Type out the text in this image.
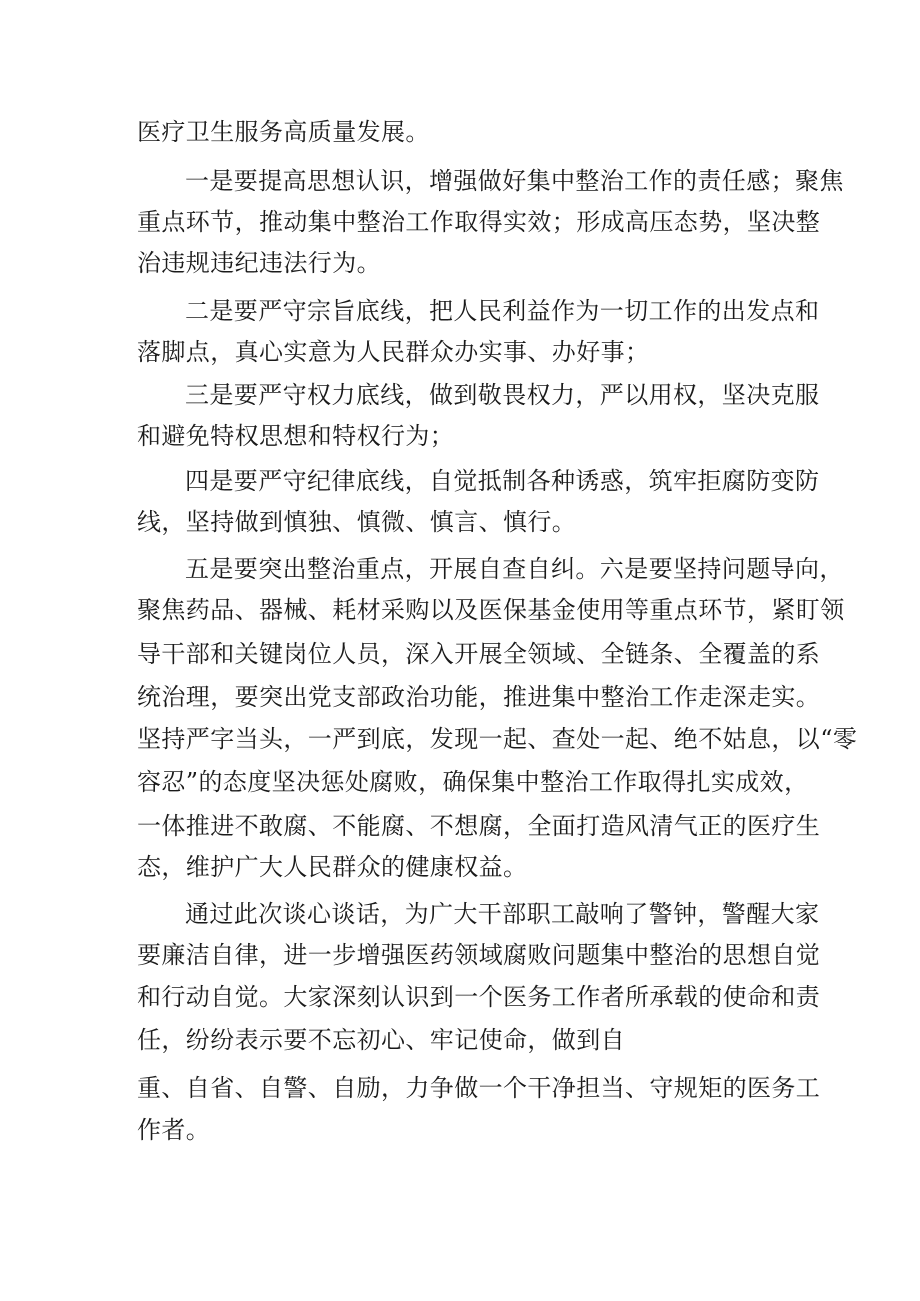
医疗卫生服务高质量发展。
一是要提高思想认识，增强做好集中整治工作的责任感；聚焦
重点环节，推动集中整治工作取得实效；形成高压态势，坚决整
治违规违纪违法行为。
二是要严守宗旨底线，把人民利益作为一切工作的出发点和
落脚点，真心实意为人民群众办实事、办好事；
三是要严守权力底线，做到敬畏权力，严以用权，坚决克服
和避免特权思想和特权行为；
四是要严守纪律底线，自觉抵制各种诱惑，筑牢拒腐防变防
线，坚持做到慎独、慎微、慎言、慎行。
五是要突出整治重点，开展自查自纠。六是要坚持问题导向，
聚焦药品、器械、耗材采购以及医保基金使用等重点环节，紧盯领
导干部和关键岗位人员，深入开展全领域、全链条、全覆盖的系
统治理，要突出党支部政治功能，推进集中整治工作走深走实。
坚持严字当头，一严到底，发现一起、查处一起、绝不姑息，以“零
容忍”的态度坚决惩处腐败，确保集中整治工作取得扎实成效，
一体推进不敢腐、不能腐、不想腐，全面打造风清气正的医疗生
态，维护广大人民群众的健康权益。
通过此次谈心谈话，为广大干部职工敲响了警钟，警醒大家
要廉洁自律，进一步增强医药领域腐败问题集中整治的思想自觉
和行动自觉。大家深刻认识到一个医务工作者所承载的使命和责
任，纷纷表示要不忘初心、牢记使命，做到自
重、自省、自警、自励，力争做一个干净担当、守规矩的医务工
作者。
